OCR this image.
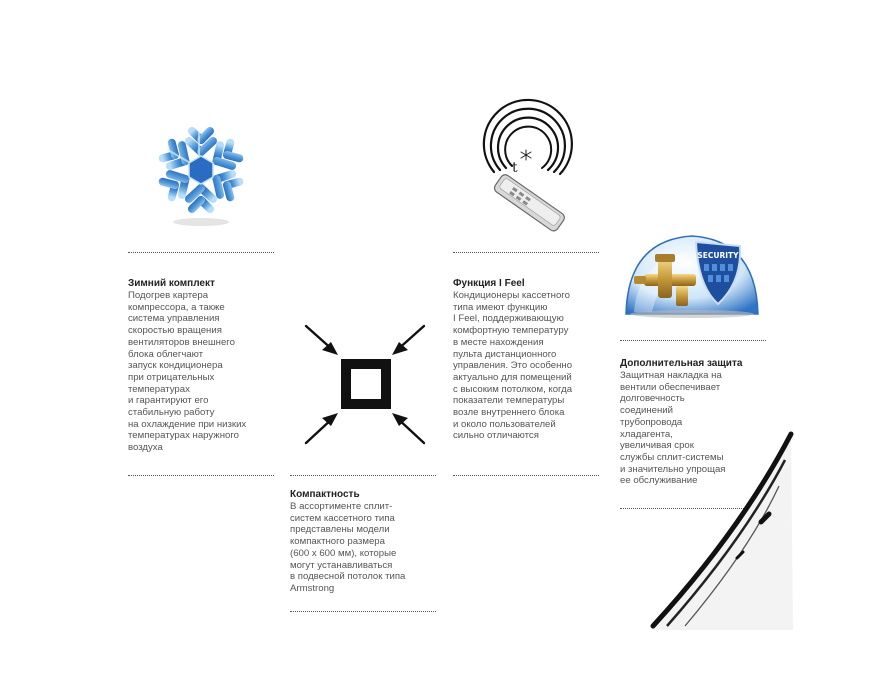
Зимний комплект
Подогрев картера
компрессора, а также
система управления
скоростью вращения
вентиляторов внешнего
блока облегчают
запуск кондиционера
при отрицательных
температурах
и гарантируют его
стабильную работу
на охлаждение при низких
температурах наружного
воздуха
Компактность
В ассортименте сплит-
систем кассетного типа
представлены модели
компактного размера
(600 х 600 мм), которые
могут устанавливаться
в подвесной потолок типа
Armstrong
t
Функция I Feel
Кондиционеры кассетного
типа имеют функцию
I Feel, поддерживающую
комфортную температуру
в месте нахождения
пульта дистанционного
управления. Это особенно
актуально для помещений
с высоким потолком, когда
показатели температуры
возле внутреннего блока
и около пользователей
сильно отличаются
SECURITY
Дополнительная защита
Защитная накладка на
вентили обеспечивает
долговечность
соединений
трубопровода
хладагента,
увеличивая срок
службы сплит-системы
и значительно упрощая
ее обслуживание
